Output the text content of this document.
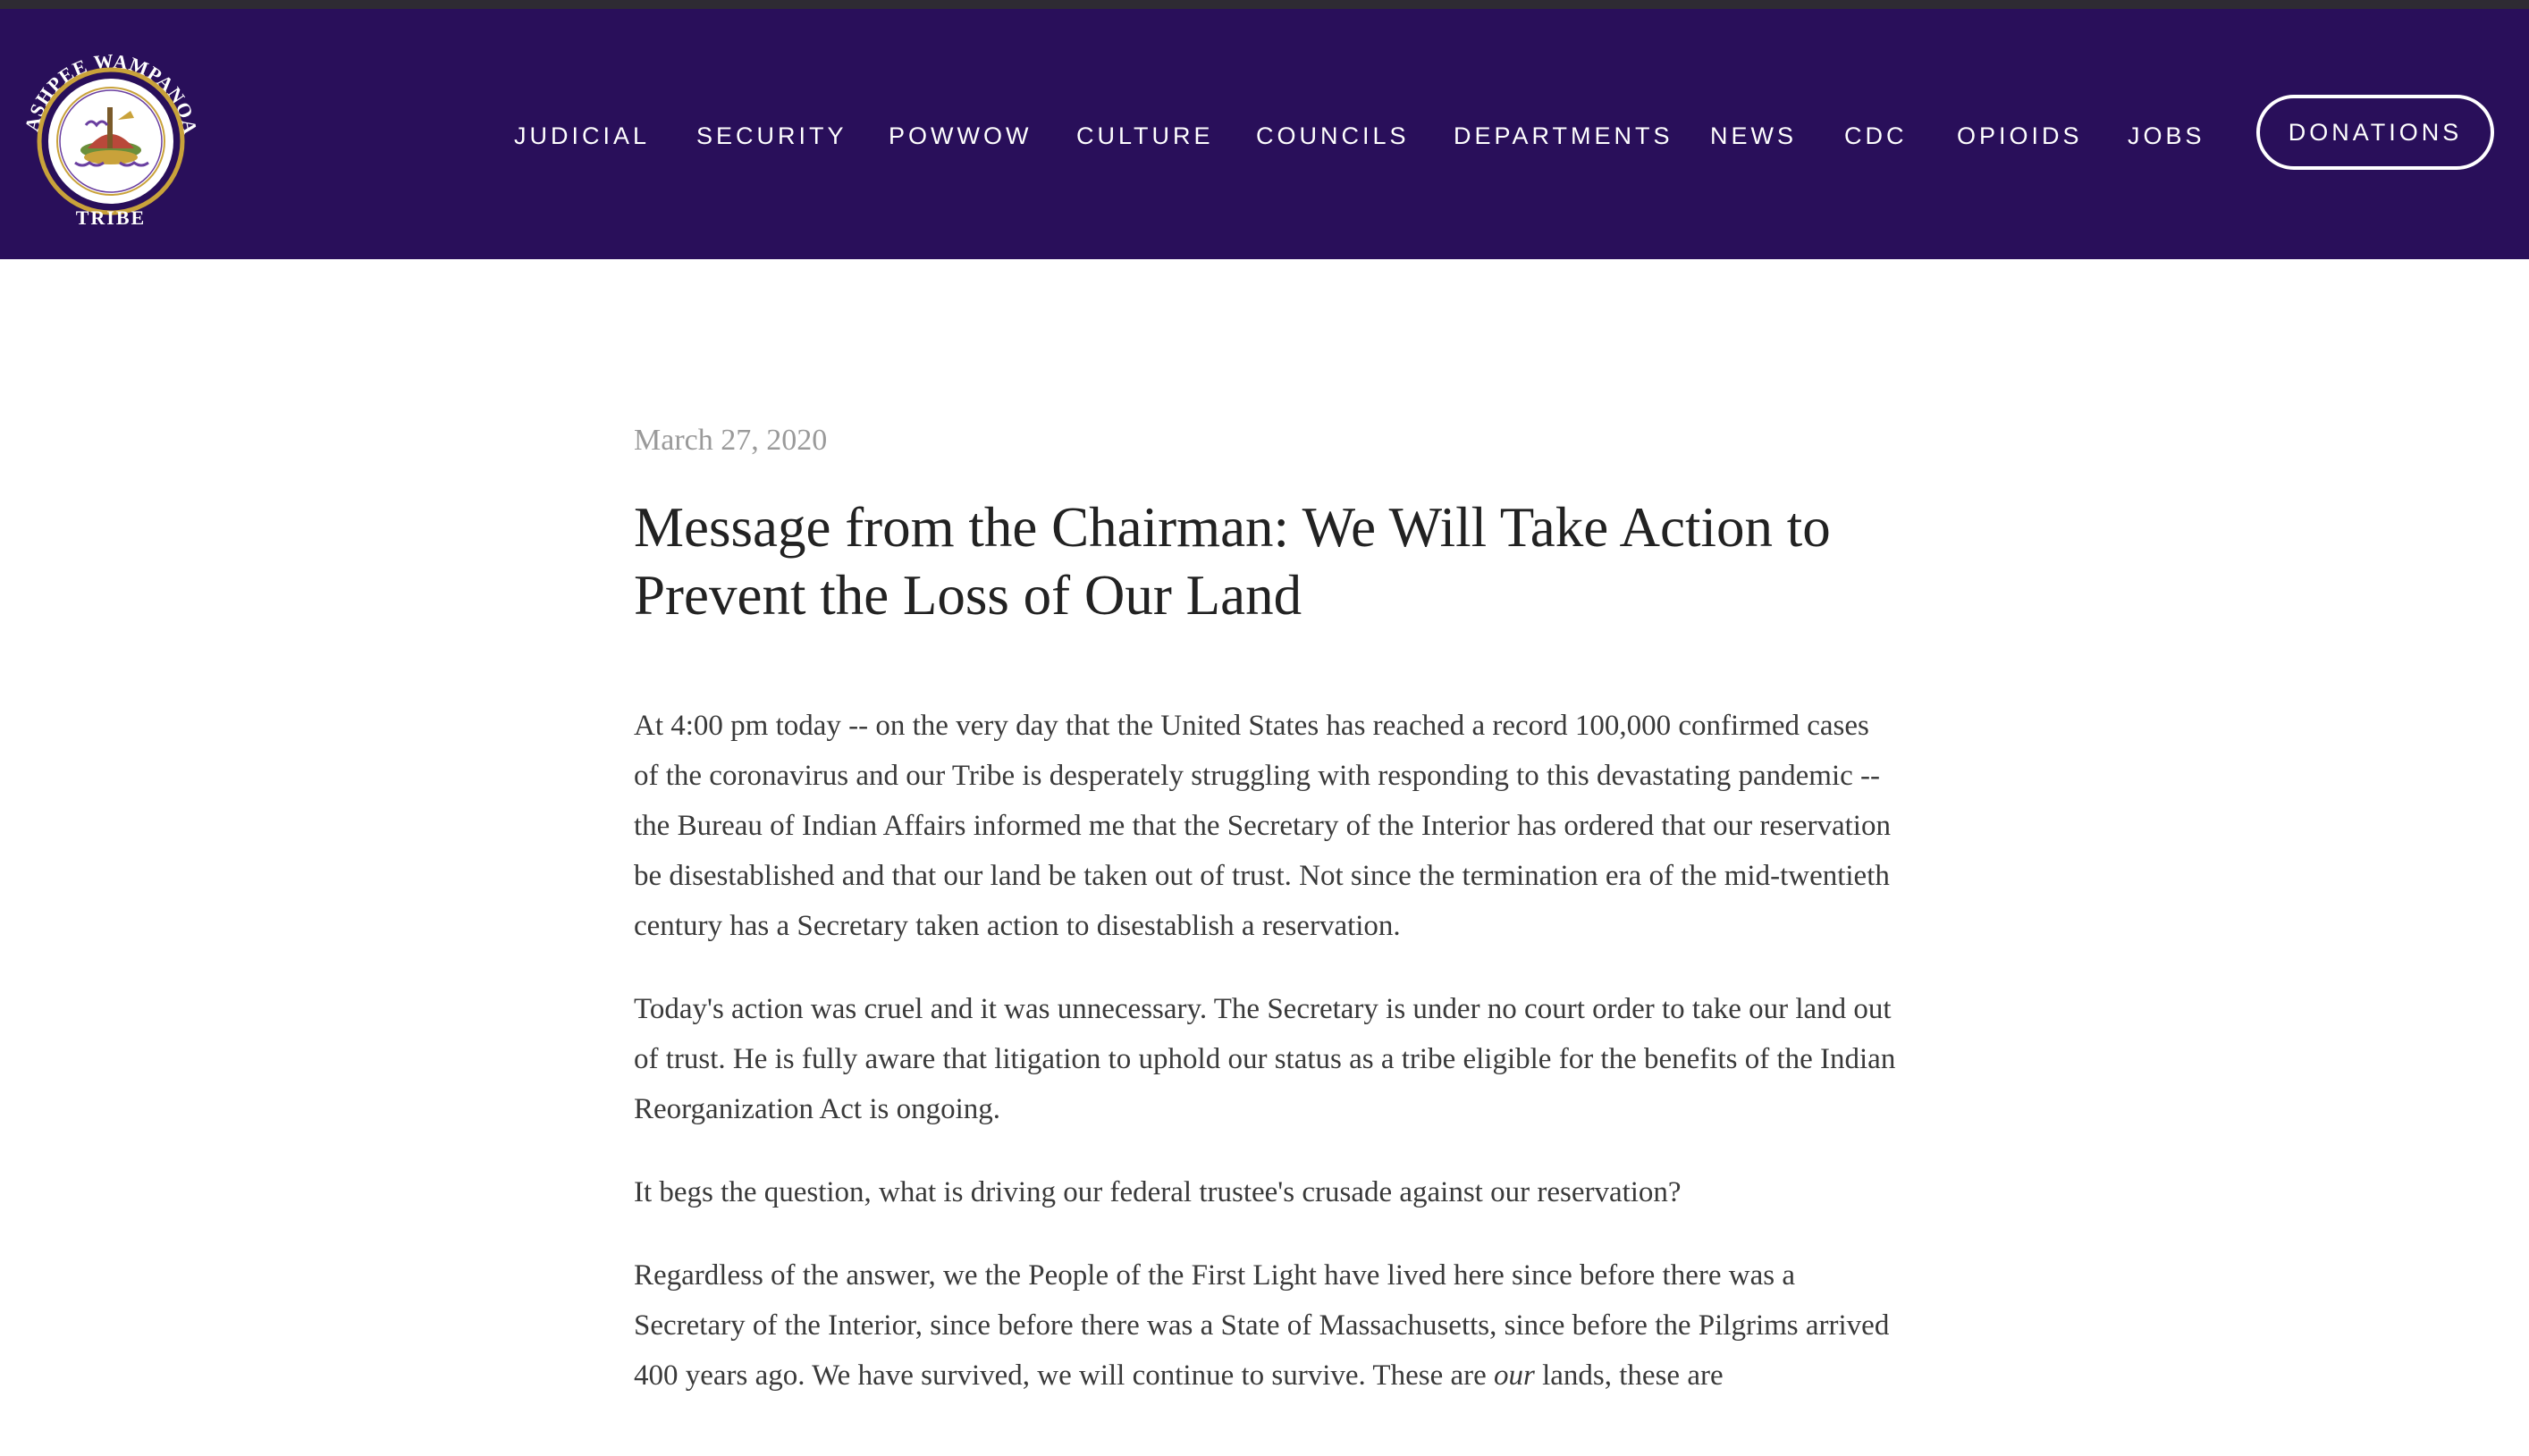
ASHPEE WAMPANOA
TRIBE
JUDICIAL SECURITY POWWOW CULTURE COUNCILS DEPARTMENTS NEWS CDC OPIOIDS JOBS	DONATIONS

March 27, 2020

Message from the Chairman: We Will Take Action to Prevent the Loss of Our Land

At 4:00 pm today -- on the very day that the United States has reached a record 100,000 confirmed cases of the coronavirus and our Tribe is desperately struggling with responding to this devastating pandemic -- the Bureau of Indian Affairs informed me that the Secretary of the Interior has ordered that our reservation be disestablished and that our land be taken out of trust. Not since the termination era of the mid-twentieth century has a Secretary taken action to disestablish a reservation.

Today's action was cruel and it was unnecessary. The Secretary is under no court order to take our land out of trust. He is fully aware that litigation to uphold our status as a tribe eligible for the benefits of the Indian Reorganization Act is ongoing.

It begs the question, what is driving our federal trustee's crusade against our reservation?

Regardless of the answer, we the People of the First Light have lived here since before there was a Secretary of the Interior, since before there was a State of Massachusetts, since before the Pilgrims arrived 400 years ago. We have survived, we will continue to survive. These are our lands, these are
